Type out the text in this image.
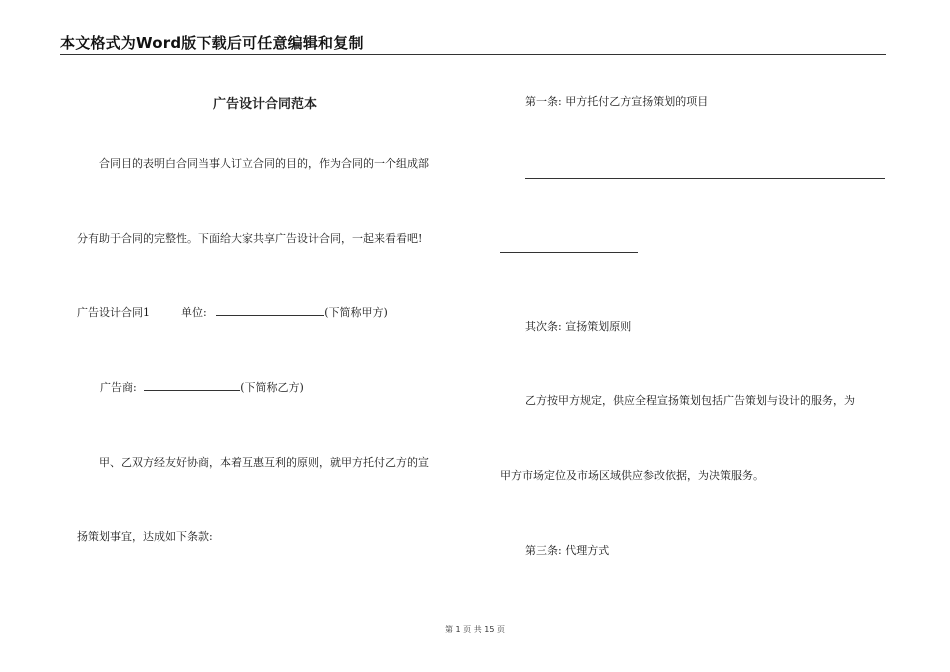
本文格式为Word版下载后可任意编辑和复制
广告设计合同范本
合同目的表明白合同当事人订立合同的目的，作为合同的一个组成部
分有助于合同的完整性。下面给大家共享广告设计合同，一起来看看吧!
广告设计合同1	单位:	(下简称甲方)
广告商:	(下简称乙方)
甲、乙双方经友好协商，本着互惠互利的原则，就甲方托付乙方的宣
扬策划事宜，达成如下条款:
第一条: 甲方托付乙方宣扬策划的项目
其次条: 宣扬策划原则
乙方按甲方规定，供应全程宣扬策划包括广告策划与设计的服务，为
甲方市场定位及市场区域供应参改依据，为决策服务。
第三条: 代理方式
第 1 页 共 15 页
